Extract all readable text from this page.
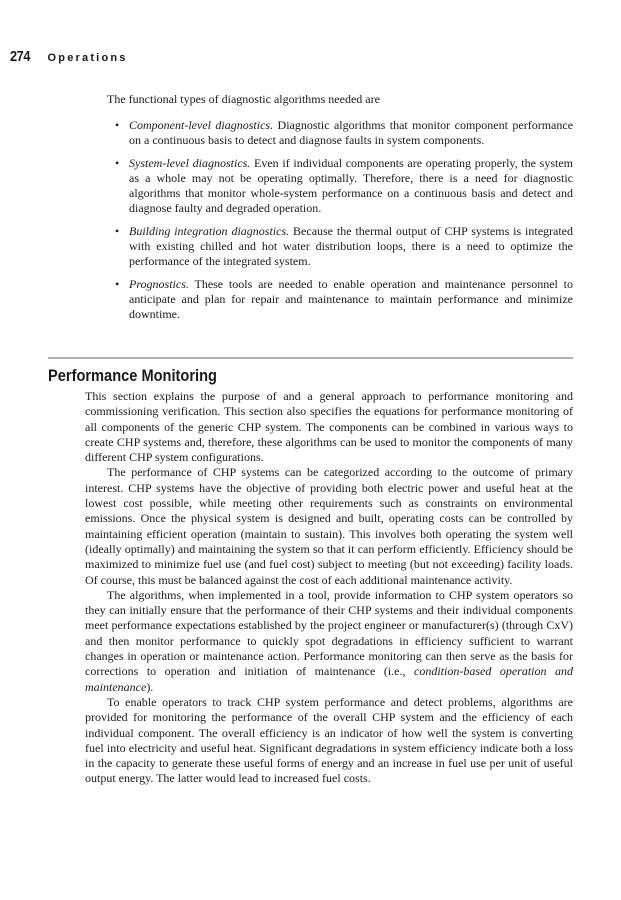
274 Operations

The functional types of diagnostic algorithms needed are

• Component-level diagnostics. Diagnostic algorithms that monitor component performance on a continuous basis to detect and diagnose faults in system components.
• System-level diagnostics. Even if individual components are operating properly, the system as a whole may not be operating optimally. Therefore, there is a need for diagnostic algorithms that monitor whole-system performance on a continuous basis and detect and diagnose faulty and degraded operation.
• Building integration diagnostics. Because the thermal output of CHP systems is integrated with existing chilled and hot water distribution loops, there is a need to optimize the performance of the integrated system.
• Prognostics. These tools are needed to enable operation and maintenance personnel to anticipate and plan for repair and maintenance to maintain performance and minimize downtime.
Performance Monitoring

This section explains the purpose of and a general approach to performance monitoring and commissioning verification. This section also specifies the equations for performance monitoring of all components of the generic CHP system. The components can be combined in various ways to create CHP systems and, therefore, these algorithms can be used to monitor the components of many different CHP system configurations.

The performance of CHP systems can be categorized according to the outcome of primary interest. CHP systems have the objective of providing both electric power and useful heat at the lowest cost possible, while meeting other requirements such as constraints on environmental emissions. Once the physical system is designed and built, operating costs can be controlled by maintaining efficient operation (maintain to sustain). This involves both operating the system well (ideally optimally) and maintaining the system so that it can perform efficiently. Efficiency should be maximized to minimize fuel use (and fuel cost) subject to meeting (but not exceeding) facility loads. Of course, this must be balanced against the cost of each additional maintenance activity.

The algorithms, when implemented in a tool, provide information to CHP system operators so they can initially ensure that the performance of their CHP systems and their individual components meet performance expectations established by the project engineer or manufacturer(s) (through CxV) and then monitor performance to quickly spot degradations in efficiency sufficient to warrant changes in operation or maintenance action. Performance monitoring can then serve as the basis for corrections to operation and initiation of maintenance (i.e., condition-based operation and maintenance).

To enable operators to track CHP system performance and detect problems, algorithms are provided for monitoring the performance of the overall CHP system and the efficiency of each individual component. The overall efficiency is an indicator of how well the system is converting fuel into electricity and useful heat. Significant degradations in system efficiency indicate both a loss in the capacity to generate these useful forms of energy and an increase in fuel use per unit of useful output energy. The latter would lead to increased fuel costs.
